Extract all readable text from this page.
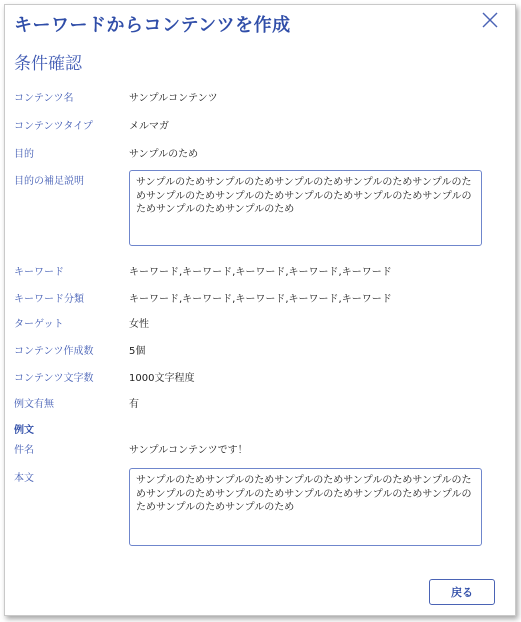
キーワードからコンテンツを作成
条件確認
コンテンツ名	サンプルコンテンツ
コンテンツタイプ	メルマガ
目的	サンプルのため
目的の補足説明	サンプルのためサンプルのためサンプルのためサンプルのためサンプルのためサンプルのためサンプルのためサンプルのためサンプルのためサンプルのためサンプルのためサンプルのため
キーワード	キーワード,キーワード,キーワード,キーワード,キーワード
キーワード分類	キーワード,キーワード,キーワード,キーワード,キーワード
ターゲット	女性
コンテンツ作成数	5個
コンテンツ文字数	1000文字程度
例文有無	有
例文
件名	サンプルコンテンツです！
本文	サンプルのためサンプルのためサンプルのためサンプルのためサンプルのためサンプルのためサンプルのためサンプルのためサンプルのためサンプルのためサンプルのためサンプルのため
戻る
